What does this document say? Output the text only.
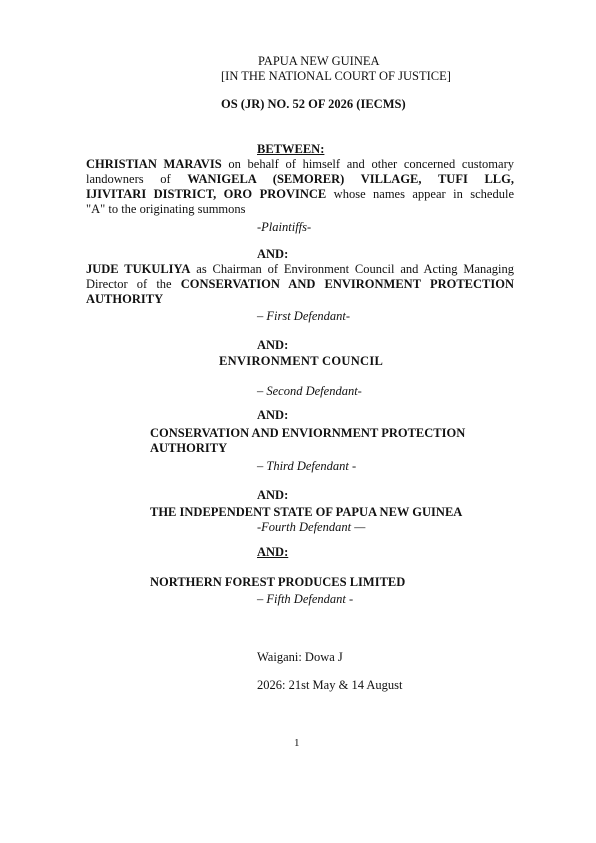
PAPUA NEW GUINEA
[IN THE NATIONAL COURT OF JUSTICE]
OS (JR) NO. 52 OF 2026 (IECMS)
BETWEEN:
CHRISTIAN MARAVIS on behalf of himself and other concerned customary
landowners of WANIGELA (SEMORER) VILLAGE, TUFI LLG,
IJIVITARI DISTRICT, ORO PROVINCE whose names appear in schedule
"A" to the originating summons
-Plaintiffs-
AND:
JUDE TUKULIYA as Chairman of Environment Council and Acting Managing
Director of the CONSERVATION AND ENVIRONMENT PROTECTION
AUTHORITY
– First Defendant-
AND:
ENVIRONMENT COUNCIL
– Second Defendant-
AND:
CONSERVATION AND ENVIORNMENT PROTECTION
AUTHORITY
– Third Defendant -
AND:
THE INDEPENDENT STATE OF PAPUA NEW GUINEA
-Fourth Defendant —
AND:
NORTHERN FOREST PRODUCES LIMITED
– Fifth Defendant -
Waigani: Dowa J
2026: 21st May & 14 August
1
